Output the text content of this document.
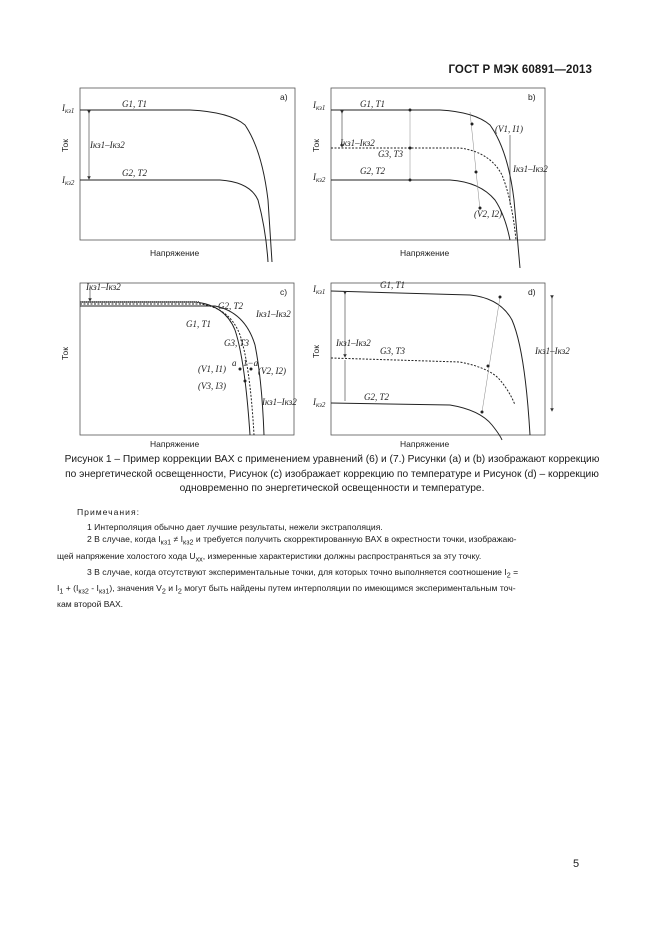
ГОСТ Р МЭК 60891—2013
a)
$I_{кз1}$
$I_{кз2}$
Ток
Напряжение
Iкз1–Iкз2
G1, T1
G2, T2
b)
$I_{кз1}$
$I_{кз2}$
Ток
Напряжение
Iкз1–Iкз2
Iкз1–Iкз2
G1, T1
G3, T3
G2, T2
(V1, I1)
(V2, I2)
c)
Ток
Напряжение
Iкз1–Iкз2
Iкз1–Iкз2
Iкз1–Iкз2
G2, T2
G1, T1
G3, T3
a 1−a
(V1, I1)	(V2, I2)
(V3, I3)
d)
$I_{кз1}$
$I_{кз2}$
Ток
Напряжение
Iкз1–Iкз2
Iкз1–Iкз2
G1, T1
G3, T3
G2, T2
Рисунок 1 – Пример коррекции ВАХ с применением уравнений (6) и (7.) Рисунки (а) и (b) изображают коррекцию по энергетической освещенности, Рисунок (c) изображает коррекцию по температуре и Рисунок (d) – коррекцию одновременно по энергетической освещенности и температуре.

Примечания:

1 Интерполяция обычно дает лучшие результаты, нежели экстраполяция.

2 В случае, когда $I_{кз1} \ne I_{кз2}$ и требуется получить скорректированную ВАХ в окрестности точки, изображаю-

щей напряжение холостого хода $U_{хх}$, измеренные характеристики должны распространяться за эту точку.

3 В случае, когда отсутствуют экспериментальные точки, для которых точно выполняется соотношение $I_2$ =

$I_1 + (I_{кз2} - I_{кз1})$, значения $V_2$ и $I_2$ могут быть найдены путем интерполяции по имеющимся экспериментальным точ-

кам второй ВАХ.

5
